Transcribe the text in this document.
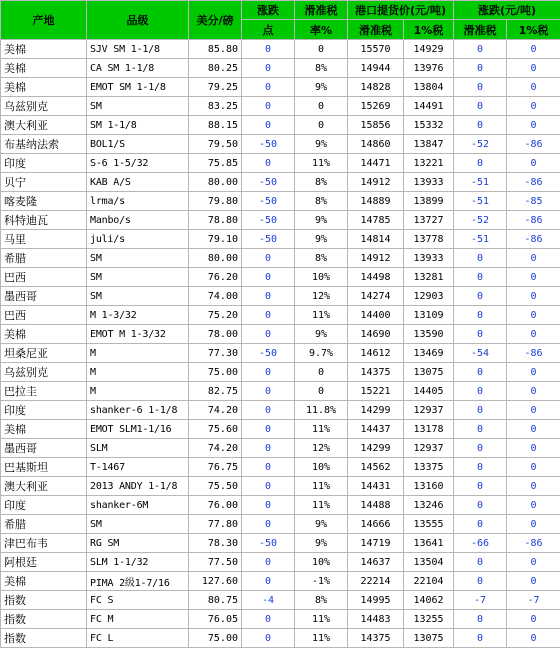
产地	品级	美分/磅	涨跌	滑准税	港口提货价(元/吨)		涨跌(元/吨)	
			点	率%	滑准税	1%税	滑准税	1%税
美棉	SJV SM 1-1/8	85.80	0	0	15570	14929	0	0
美棉	CA SM 1-1/8	80.25	0	8%	14944	13976	0	0
美棉	EMOT SM 1-1/8	79.25	0	9%	14828	13804	0	0
乌兹别克	SM	83.25	0	0	15269	14491	0	0
澳大利亚	SM 1-1/8	88.15	0	0	15856	15332	0	0
布基纳法索	BOL1/S	79.50	-50	9%	14860	13847	-52	-86
印度	S-6 1-5/32	75.85	0	11%	14471	13221	0	0
贝宁	KAB A/S	80.00	-50	8%	14912	13933	-51	-86
喀麦隆	lrma/s	79.80	-50	8%	14889	13899	-51	-85
科特迪瓦	Manbo/s	78.80	-50	9%	14785	13727	-52	-86
马里	juli/s	79.10	-50	9%	14814	13778	-51	-86
希腊	SM	80.00	0	8%	14912	13933	0	0
巴西	SM	76.20	0	10%	14498	13281	0	0
墨西哥	SM	74.00	0	12%	14274	12903	0	0
巴西	M 1-3/32	75.20	0	11%	14400	13109	0	0
美棉	EMOT M 1-3/32	78.00	0	9%	14690	13590	0	0
坦桑尼亚	M	77.30	-50	9.7%	14612	13469	-54	-86
乌兹别克	M	75.00	0	0	14375	13075	0	0
巴拉圭	M	82.75	0	0	15221	14405	0	0
印度	shanker-6 1-1/8	74.20	0	11.8%	14299	12937	0	0
美棉	EMOT SLM1-1/16	75.60	0	11%	14437	13178	0	0
墨西哥	SLM	74.20	0	12%	14299	12937	0	0
巴基斯坦	T-1467	76.75	0	10%	14562	13375	0	0
澳大利亚	2013 ANDY 1-1/8	75.50	0	11%	14431	13160	0	0
印度	shanker-6M	76.00	0	11%	14488	13246	0	0
希腊	SM	77.80	0	9%	14666	13555	0	0
津巴布韦	RG SM	78.30	-50	9%	14719	13641	-66	-86
阿根廷	SLM 1-1/32	77.50	0	10%	14637	13504	0	0
美棉	PIMA 2级1-7/16	127.60	0	-1%	22214	22104	0	0
指数	FC S	80.75	-4	8%	14995	14062	-7	-7
指数	FC M	76.05	0	11%	14483	13255	0	0
指数	FC L	75.00	0	11%	14375	13075	0	0
